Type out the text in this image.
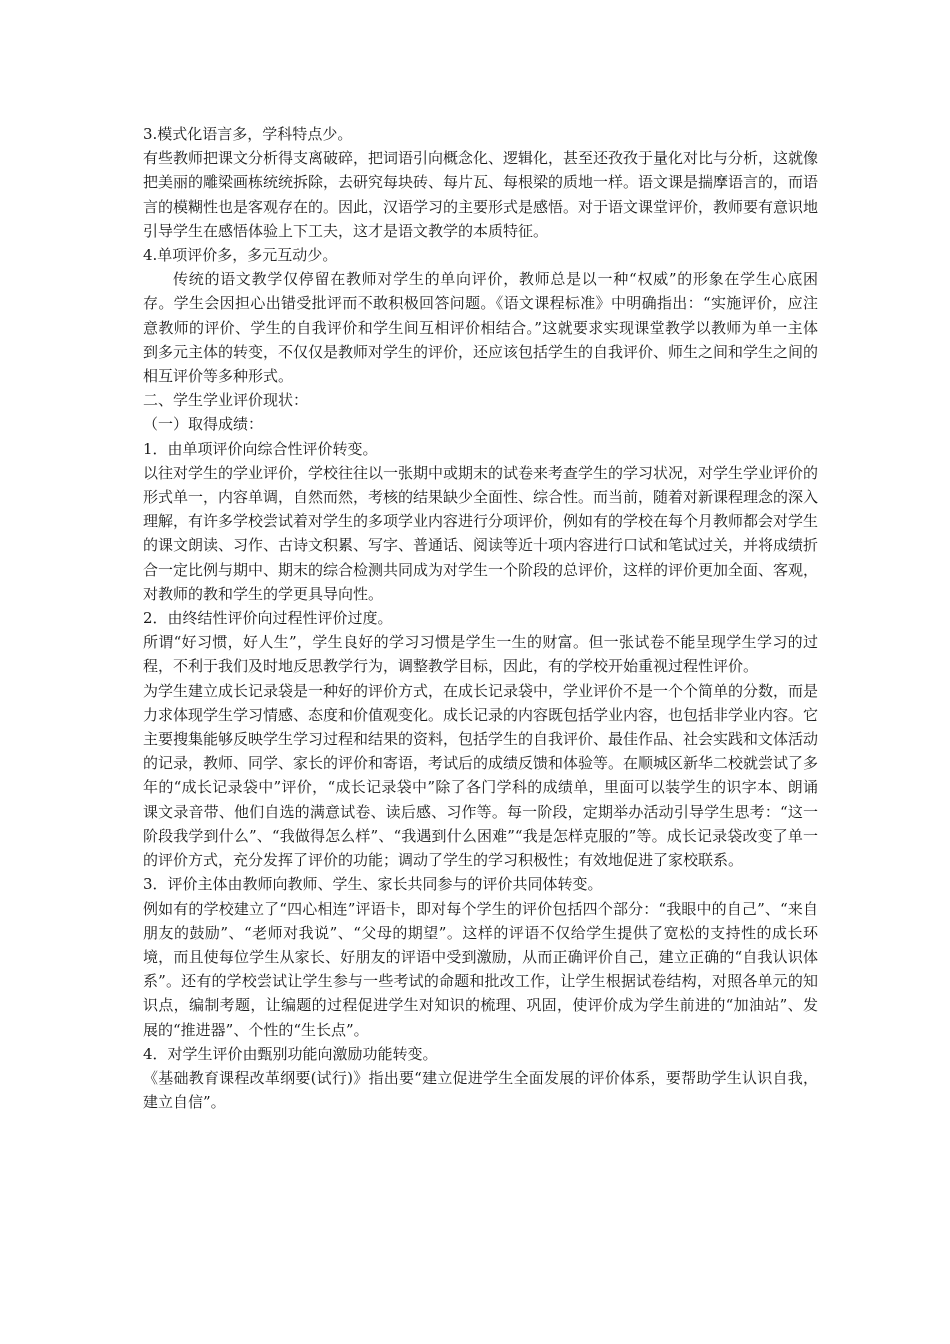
3.模式化语言多，学科特点少。

有些教师把课文分析得支离破碎，把词语引向概念化、逻辑化，甚至还孜孜于量化对比与分析，这就像把美丽的雕梁画栋统统拆除，去研究每块砖、每片瓦、每根梁的质地一样。语文课是揣摩语言的，而语言的模糊性也是客观存在的。因此，汉语学习的主要形式是感悟。对于语文课堂评价，教师要有意识地引导学生在感悟体验上下工夫，这才是语文教学的本质特征。

4.单项评价多，多元互动少。

传统的语文教学仅停留在教师对学生的单向评价，教师总是以一种“权威”的形象在学生心底困存。学生会因担心出错受批评而不敢积极回答问题。《语文课程标准》中明确指出：“实施评价，应注意教师的评价、学生的自我评价和学生间互相评价相结合。”这就要求实现课堂教学以教师为单一主体到多元主体的转变，不仅仅是教师对学生的评价，还应该包括学生的自我评价、师生之间和学生之间的相互评价等多种形式。

二、学生学业评价现状：

（一）取得成绩：

1．由单项评价向综合性评价转变。

以往对学生的学业评价，学校往往以一张期中或期末的试卷来考查学生的学习状况，对学生学业评价的形式单一，内容单调，自然而然，考核的结果缺少全面性、综合性。而当前，随着对新课程理念的深入理解，有许多学校尝试着对学生的多项学业内容进行分项评价，例如有的学校在每个月教师都会对学生的课文朗读、习作、古诗文积累、写字、普通话、阅读等近十项内容进行口试和笔试过关，并将成绩折合一定比例与期中、期末的综合检测共同成为对学生一个阶段的总评价，这样的评价更加全面、客观，对教师的教和学生的学更具导向性。

2．由终结性评价向过程性评价过度。

所谓“好习惯，好人生”，学生良好的学习习惯是学生一生的财富。但一张试卷不能呈现学生学习的过程，不利于我们及时地反思教学行为，调整教学目标，因此，有的学校开始重视过程性评价。

为学生建立成长记录袋是一种好的评价方式，在成长记录袋中，学业评价不是一个个简单的分数，而是力求体现学生学习情感、态度和价值观变化。成长记录的内容既包括学业内容，也包括非学业内容。它主要搜集能够反映学生学习过程和结果的资料，包括学生的自我评价、最佳作品、社会实践和文体活动的记录，教师、同学、家长的评价和寄语，考试后的成绩反馈和体验等。在顺城区新华二校就尝试了多年的“成长记录袋中”评价，“成长记录袋中”除了各门学科的成绩单，里面可以装学生的识字本、朗诵课文录音带、他们自选的满意试卷、读后感、习作等。每一阶段，定期举办活动引导学生思考：“这一阶段我学到什么”、“我做得怎么样”、“我遇到什么困难”“我是怎样克服的”等。成长记录袋改变了单一的评价方式，充分发挥了评价的功能；调动了学生的学习积极性；有效地促进了家校联系。

3．评价主体由教师向教师、学生、家长共同参与的评价共同体转变。

例如有的学校建立了“四心相连”评语卡，即对每个学生的评价包括四个部分：“我眼中的自己”、“来自朋友的鼓励”、“老师对我说”、“父母的期望”。这样的评语不仅给学生提供了宽松的支持性的成长环境，而且使每位学生从家长、好朋友的评语中受到激励，从而正确评价自己，建立正确的“自我认识体系”。还有的学校尝试让学生参与一些考试的命题和批改工作，让学生根据试卷结构，对照各单元的知识点，编制考题，让编题的过程促进学生对知识的梳理、巩固，使评价成为学生前进的“加油站”、发展的“推进器”、个性的“生长点”。

4．对学生评价由甄别功能向激励功能转变。

《基础教育课程改革纲要(试行)》指出要“建立促进学生全面发展的评价体系，要帮助学生认识自我，建立自信”。
